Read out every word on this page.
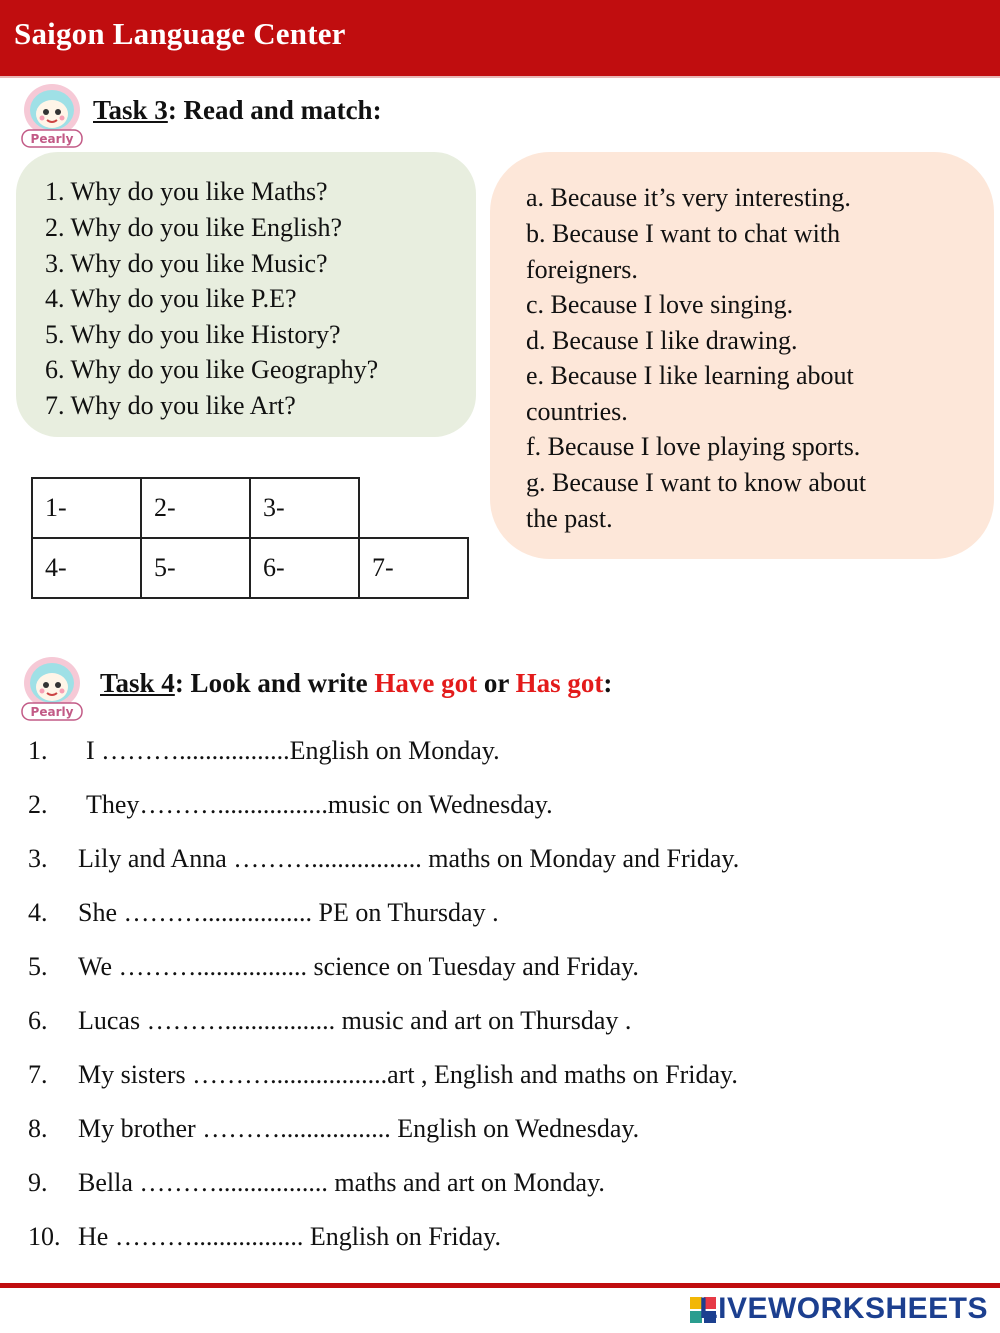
Saigon Language Center
Pearly
Task 3: Read and match:
1. Why do you like Maths?
2. Why do you like English?
3. Why do you like Music?
4. Why do you like P.E?
5. Why do you like History?
6. Why do you like Geography?
7. Why do you like Art?
a. Because it’s very interesting.
b. Because I want to chat with
foreigners.
c. Because I love singing.
d. Because I like drawing.
e. Because I like learning about
countries.
f. Because I love playing sports.
g. Because I want to know about
the past.
1-	2-	3-	
4-	5-	6-	7-
Pearly
Task 4: Look and write Have got or Has got:
1. I ……….................English on Monday.
2. They……….................music on Wednesday.
3. Lily and Anna ………................. maths on Monday and Friday.
4. She ………................. PE on Thursday .
5. We ………................. science on Tuesday and Friday.
6. Lucas ………................. music and art on Thursday .
7. My sisters ………..................art , English and maths on Friday.
8. My brother ………................. English on Wednesday.
9. Bella ………................. maths and art on Monday.
10. He ………................. English on Friday.
LIVEWORKSHEETS
